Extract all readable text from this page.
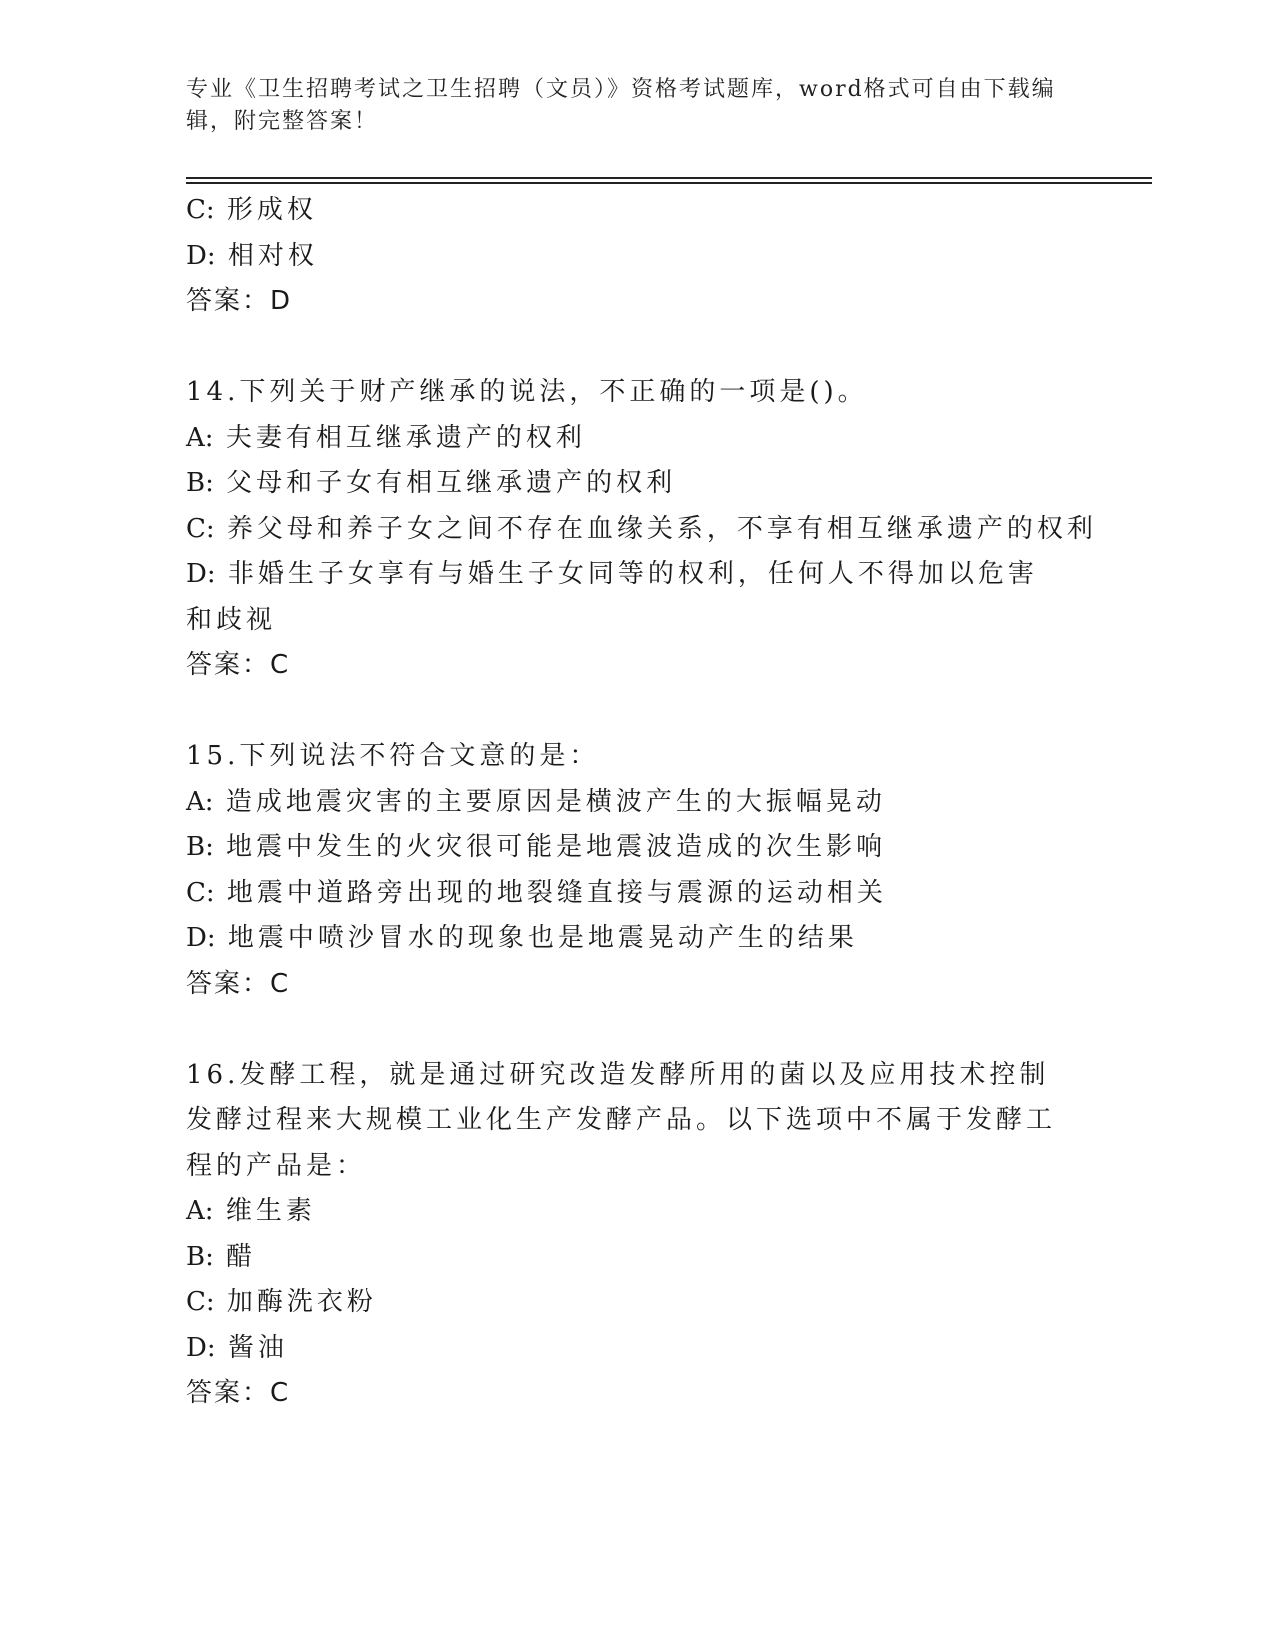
专业《卫生招聘考试之卫生招聘（文员）》资格考试题库，word格式可自由下载编辑，附完整答案！

C: 形成权

D: 相对权

答案：D

14.下列关于财产继承的说法，不正确的一项是()。

A: 夫妻有相互继承遗产的权利

B: 父母和子女有相互继承遗产的权利

C: 养父母和养子女之间不存在血缘关系，不享有相互继承遗产的权利

D: 非婚生子女享有与婚生子女同等的权利，任何人不得加以危害和歧视

答案：C

15.下列说法不符合文意的是：

A: 造成地震灾害的主要原因是横波产生的大振幅晃动

B: 地震中发生的火灾很可能是地震波造成的次生影响

C: 地震中道路旁出现的地裂缝直接与震源的运动相关

D: 地震中喷沙冒水的现象也是地震晃动产生的结果

答案：C

16.发酵工程，就是通过研究改造发酵所用的菌以及应用技术控制发酵过程来大规模工业化生产发酵产品。以下选项中不属于发酵工程的产品是：

A: 维生素

B: 醋

C: 加酶洗衣粉

D: 酱油

答案：C
